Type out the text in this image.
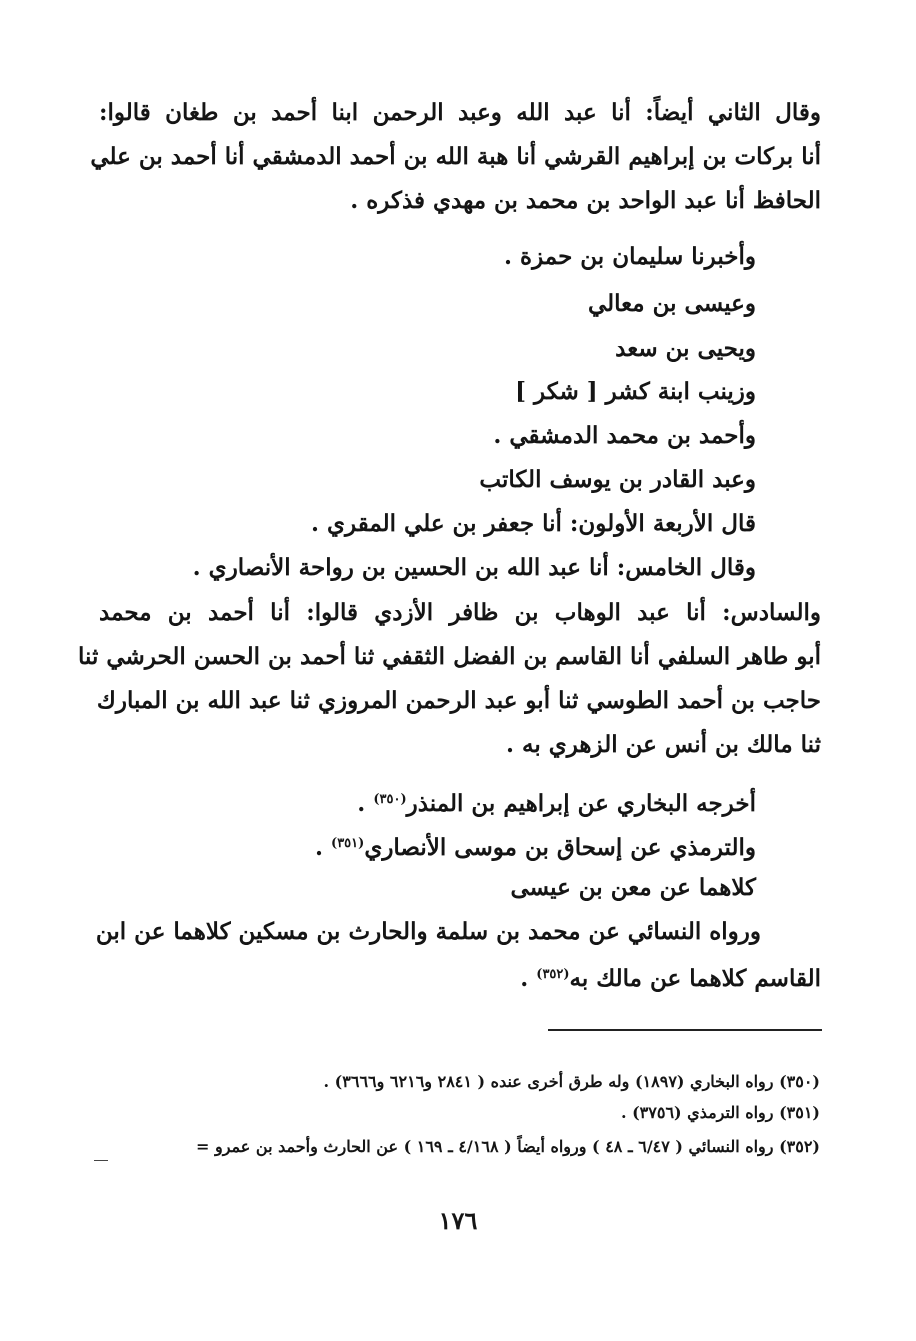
وقال الثاني أيضاً: أنا عبد الله وعبد الرحمن ابنا أحمد بن طغان قالوا:
أنا بركات بن إبراهيم القرشي أنا هبة الله بن أحمد الدمشقي أنا أحمد بن علي
الحافظ أنا عبد الواحد بن محمد بن مهدي فذكره .
وأخبرنا سليمان بن حمزة .
وعيسى بن معالي
ويحيى بن سعد
وزينب ابنة كشر [ شكر ]
وأحمد بن محمد الدمشقي .
وعبد القادر بن يوسف الكاتب
قال الأربعة الأولون: أنا جعفر بن علي المقري .
وقال الخامس: أنا عبد الله بن الحسين بن رواحة الأنصاري .
والسادس: أنا عبد الوهاب بن ظافر الأزدي قالوا: أنا أحمد بن محمد
أبو طاهر السلفي أنا القاسم بن الفضل الثقفي ثنا أحمد بن الحسن الحرشي ثنا
حاجب بن أحمد الطوسي ثنا أبو عبد الرحمن المروزي ثنا عبد الله بن المبارك
ثنا مالك بن أنس عن الزهري به .
أخرجه البخاري عن إبراهيم بن المنذر$^{(٣٥٠)}$ .
والترمذي عن إسحاق بن موسى الأنصاري$^{(٣٥١)}$ .
كلاهما عن معن بن عيسى
ورواه النسائي عن محمد بن سلمة والحارث بن مسكين كلاهما عن ابن
القاسم كلاهما عن مالك به$^{(٣٥٢)}$ .
(٣٥٠) رواه البخاري (١٨٩٧) وله طرق أخرى عنده ( ٢٨٤١ و٦٢١٦ و٣٦٦٦) .
(٣٥١) رواه الترمذي (٣٧٥٦) .
(٣٥٢) رواه النسائي ( ٦/٤٧ ـ ٤٨ ) ورواه أيضاً ( ٤/١٦٨ ـ ١٦٩ ) عن الحارث وأحمد بن عمرو =
١٧٦
